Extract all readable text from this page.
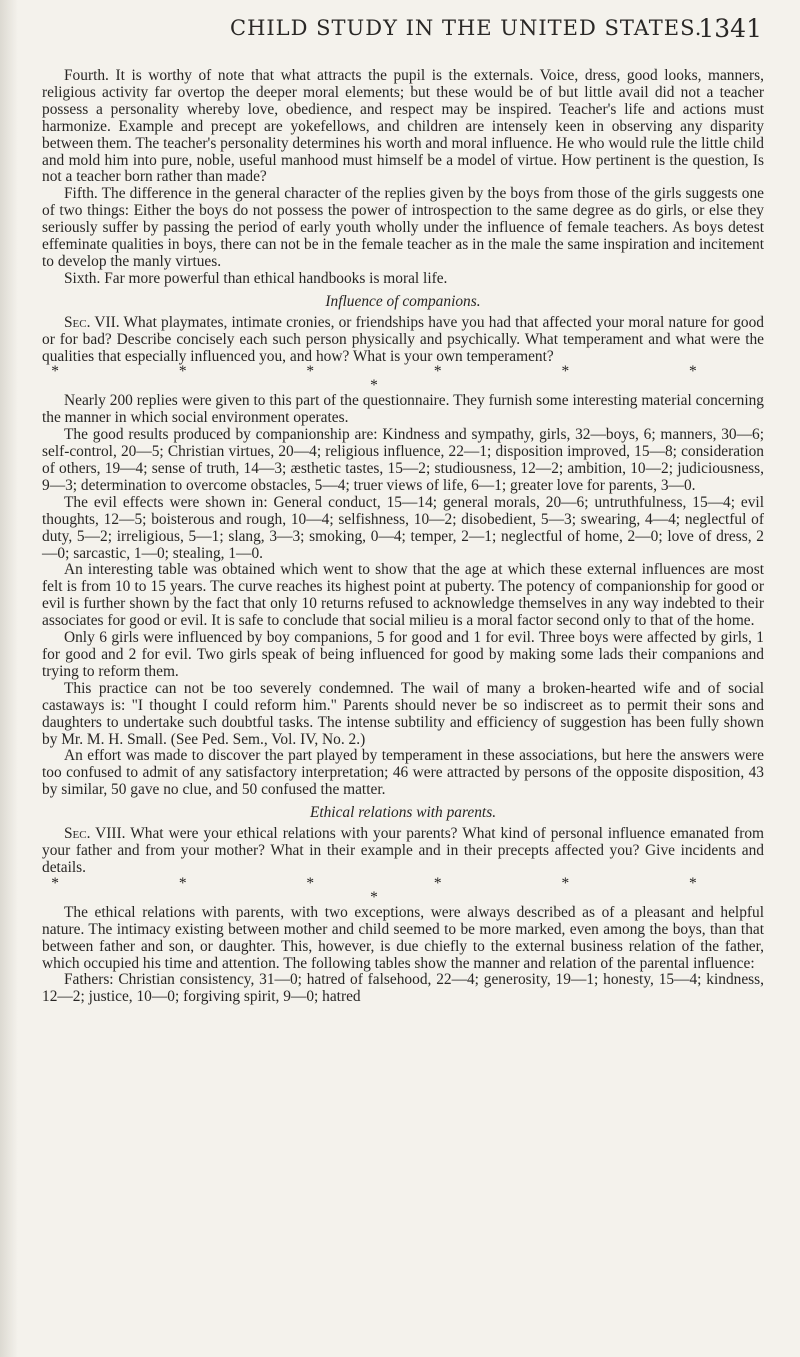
CHILD STUDY IN THE UNITED STATES.
1341

Fourth. It is worthy of note that what attracts the pupil is the externals. Voice, dress, good looks, manners, religious activity far overtop the deeper moral elements; but these would be of but little avail did not a teacher possess a personality whereby love, obedience, and respect may be inspired. Teacher's life and actions must harmonize. Example and precept are yokefellows, and children are intensely keen in observing any disparity between them. The teacher's personality determines his worth and moral influence. He who would rule the little child and mold him into pure, noble, useful manhood must himself be a model of virtue. How pertinent is the question, Is not a teacher born rather than made?

Fifth. The difference in the general character of the replies given by the boys from those of the girls suggests one of two things: Either the boys do not possess the power of introspection to the same degree as do girls, or else they seriously suffer by passing the period of early youth wholly under the influence of female teachers. As boys detest effeminate qualities in boys, there can not be in the female teacher as in the male the same inspiration and incitement to develop the manly virtues.

Sixth. Far more powerful than ethical handbooks is moral life.

Influence of companions.

Sec. VII. What playmates, intimate cronies, or friendships have you had that affected your moral nature for good or for bad? Describe concisely each such person physically and psychically. What temperament and what were the qualities that especially influenced you, and how? What is your own temperament?

* * * * * * *

Nearly 200 replies were given to this part of the questionnaire. They furnish some interesting material concerning the manner in which social environment operates.

The good results produced by companionship are: Kindness and sympathy, girls, 32—boys, 6; manners, 30—6; self-control, 20—5; Christian virtues, 20—4; religious influence, 22—1; disposition improved, 15—8; consideration of others, 19—4; sense of truth, 14—3; æsthetic tastes, 15—2; studiousness, 12—2; ambition, 10—2; judiciousness, 9—3; determination to overcome obstacles, 5—4; truer views of life, 6—1; greater love for parents, 3—0.

The evil effects were shown in: General conduct, 15—14; general morals, 20—6; untruthfulness, 15—4; evil thoughts, 12—5; boisterous and rough, 10—4; selfishness, 10—2; disobedient, 5—3; swearing, 4—4; neglectful of duty, 5—2; irreligious, 5—1; slang, 3—3; smoking, 0—4; temper, 2—1; neglectful of home, 2—0; love of dress, 2—0; sarcastic, 1—0; stealing, 1—0.

An interesting table was obtained which went to show that the age at which these external influences are most felt is from 10 to 15 years. The curve reaches its highest point at puberty. The potency of companionship for good or evil is further shown by the fact that only 10 returns refused to acknowledge themselves in any way indebted to their associates for good or evil. It is safe to conclude that social milieu is a moral factor second only to that of the home.

Only 6 girls were influenced by boy companions, 5 for good and 1 for evil. Three boys were affected by girls, 1 for good and 2 for evil. Two girls speak of being influenced for good by making some lads their companions and trying to reform them.

This practice can not be too severely condemned. The wail of many a broken-hearted wife and of social castaways is: "I thought I could reform him." Parents should never be so indiscreet as to permit their sons and daughters to undertake such doubtful tasks. The intense subtility and efficiency of suggestion has been fully shown by Mr. M. H. Small. (See Ped. Sem., Vol. IV, No. 2.)

An effort was made to discover the part played by temperament in these associations, but here the answers were too confused to admit of any satisfactory interpretation; 46 were attracted by persons of the opposite disposition, 43 by similar, 50 gave no clue, and 50 confused the matter.

Ethical relations with parents.

Sec. VIII. What were your ethical relations with your parents? What kind of personal influence emanated from your father and from your mother? What in their example and in their precepts affected you? Give incidents and details.

* * * * * * *

The ethical relations with parents, with two exceptions, were always described as of a pleasant and helpful nature. The intimacy existing between mother and child seemed to be more marked, even among the boys, than that between father and son, or daughter. This, however, is due chiefly to the external business relation of the father, which occupied his time and attention. The following tables show the manner and relation of the parental influence:

Fathers: Christian consistency, 31—0; hatred of falsehood, 22—4; generosity, 19—1; honesty, 15—4; kindness, 12—2; justice, 10—0; forgiving spirit, 9—0; hatred
